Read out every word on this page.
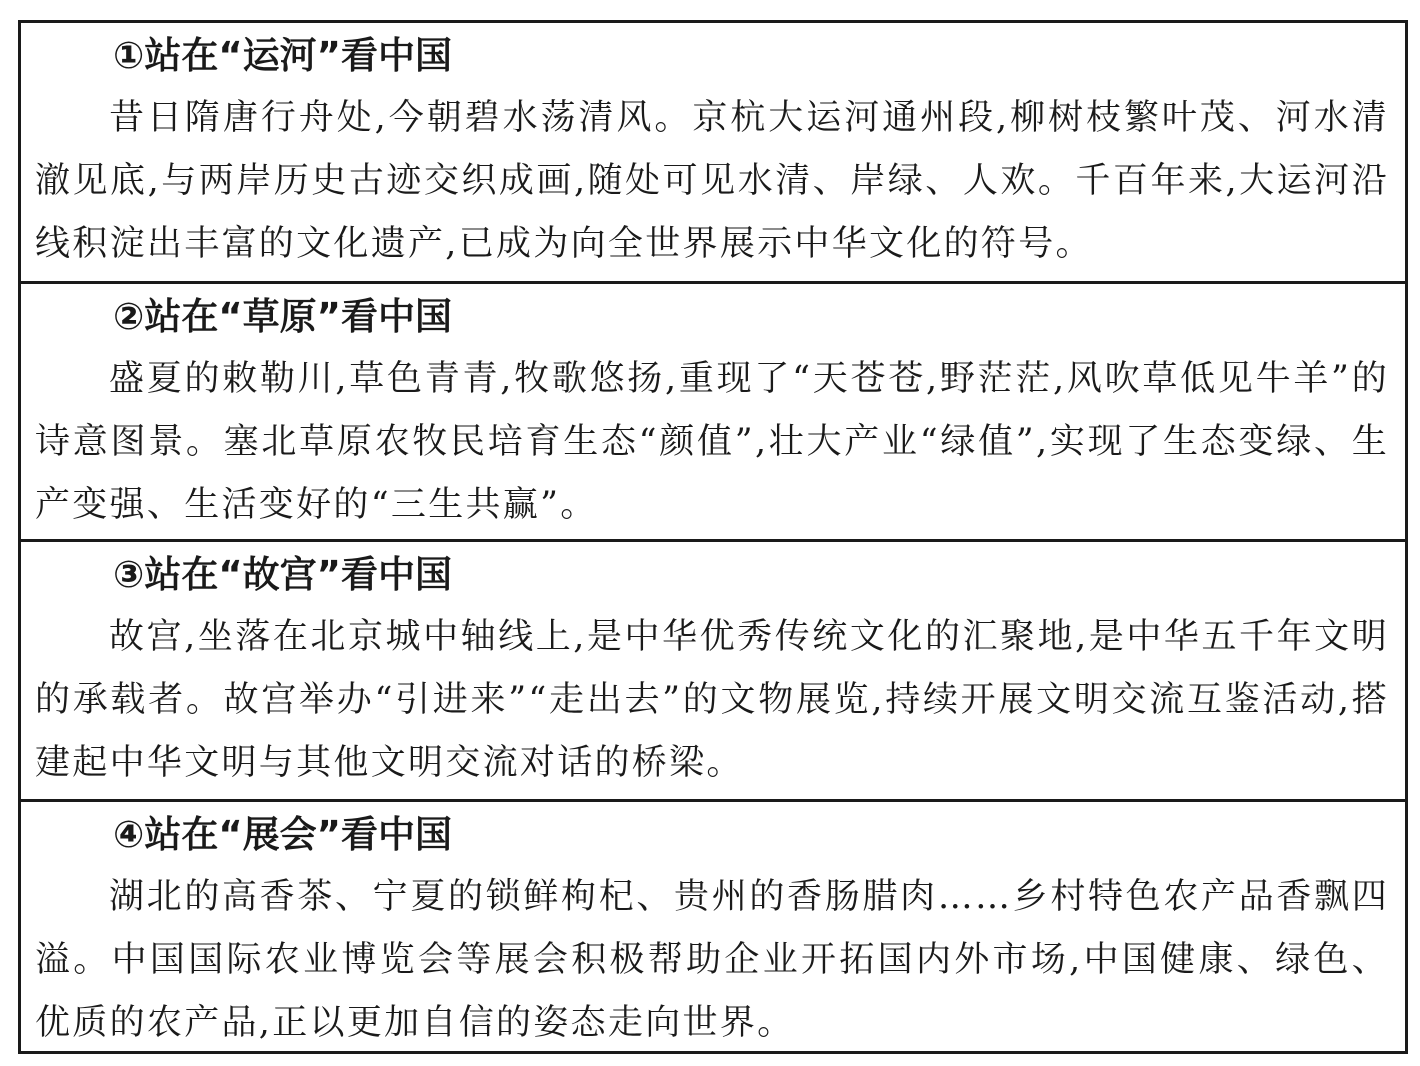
①站在“运河”看中国

昔日隋唐行舟处,今朝碧水荡清风。京杭大运河通州段,柳树枝繁叶茂、河水清澈见底,与两岸历史古迹交织成画,随处可见水清、岸绿、人欢。千百年来,大运河沿线积淀出丰富的文化遗产,已成为向全世界展示中华文化的符号。

②站在“草原”看中国

盛夏的敕勒川,草色青青,牧歌悠扬,重现了“天苍苍,野茫茫,风吹草低见牛羊”的诗意图景。塞北草原农牧民培育生态“颜值”,壮大产业“绿值”,实现了生态变绿、生产变强、生活变好的“三生共赢”。

③站在“故宫”看中国

故宫,坐落在北京城中轴线上,是中华优秀传统文化的汇聚地,是中华五千年文明的承载者。故宫举办“引进来”“走出去”的文物展览,持续开展文明交流互鉴活动,搭建起中华文明与其他文明交流对话的桥梁。

④站在“展会”看中国

湖北的高香茶、宁夏的锁鲜枸杞、贵州的香肠腊肉……乡村特色农产品香飘四溢。中国国际农业博览会等展会积极帮助企业开拓国内外市场,中国健康、绿色、优质的农产品,正以更加自信的姿态走向世界。
